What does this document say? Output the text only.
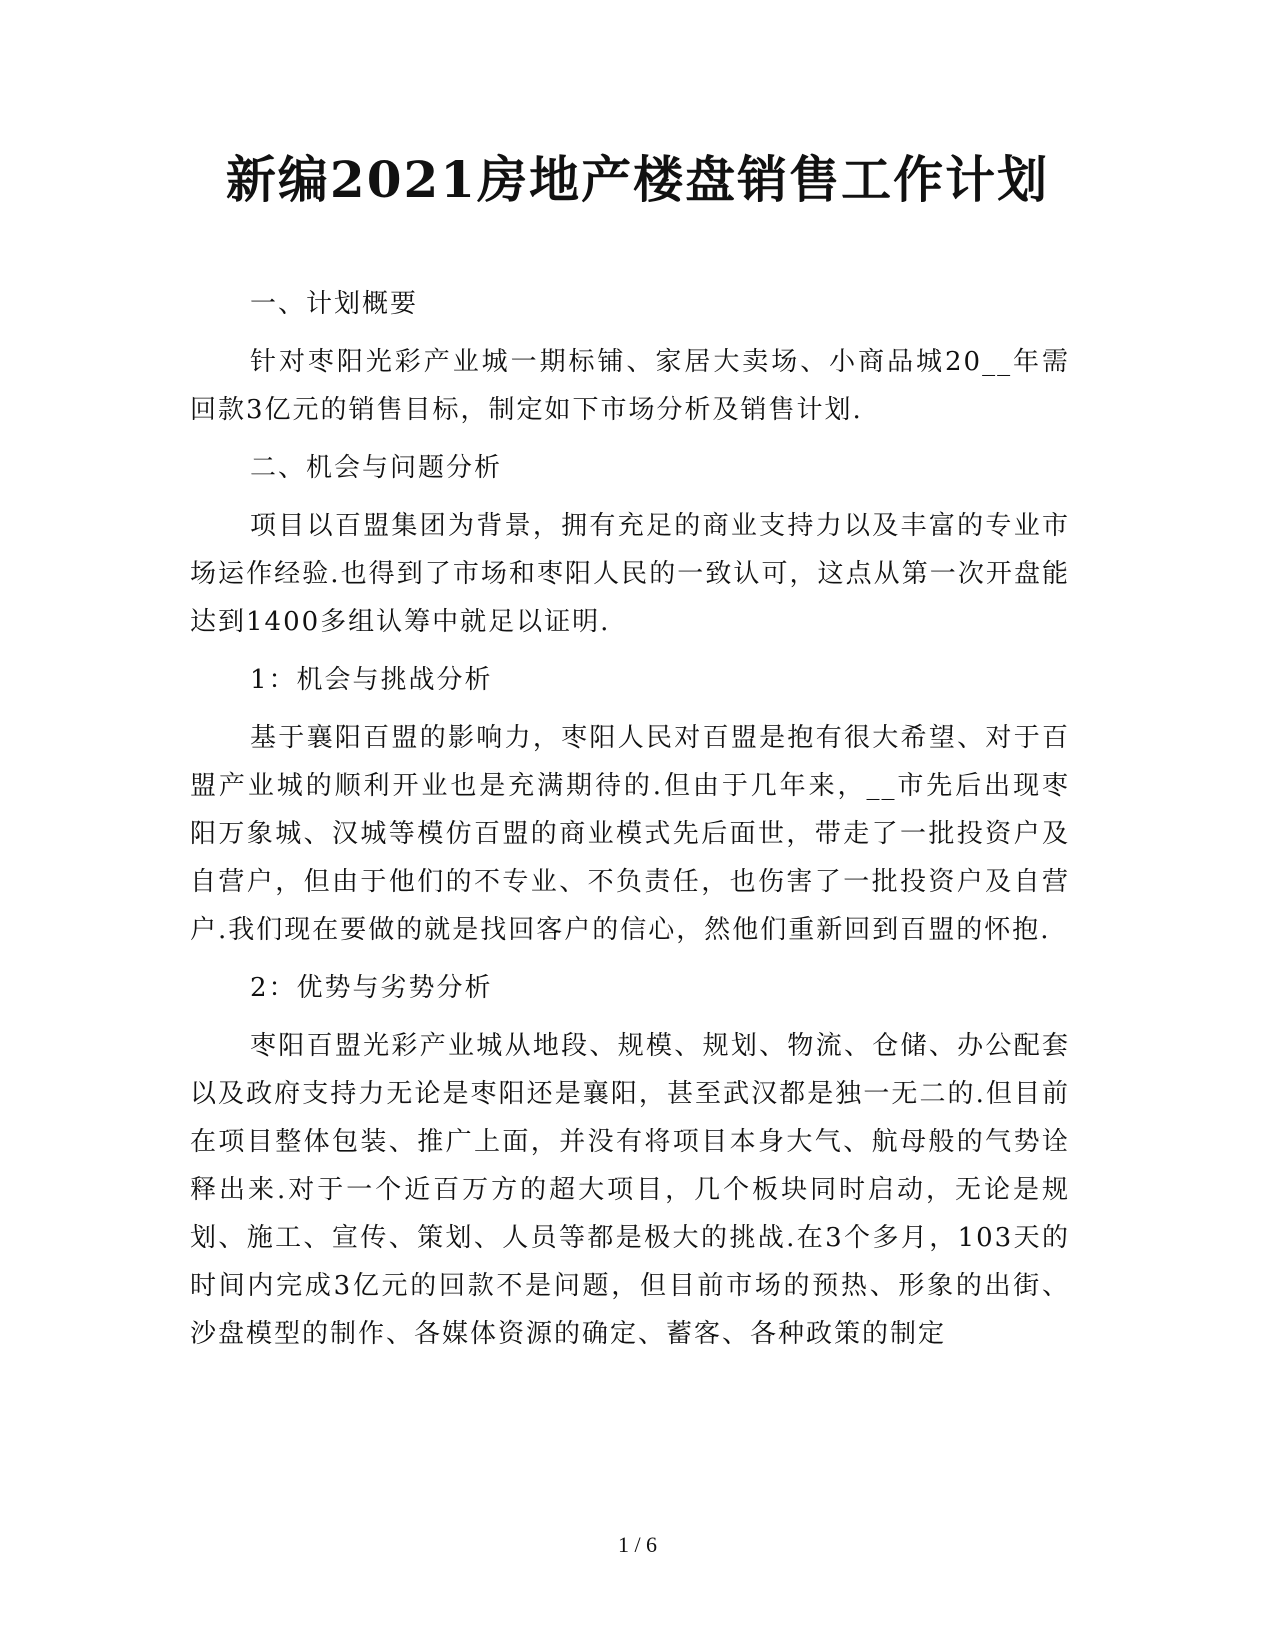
新编2021房地产楼盘销售工作计划

一、计划概要

针对枣阳光彩产业城一期标铺、家居大卖场、小商品城20__年需回款3亿元的销售目标，制定如下市场分析及销售计划.

二、机会与问题分析

项目以百盟集团为背景，拥有充足的商业支持力以及丰富的专业市场运作经验.也得到了市场和枣阳人民的一致认可，这点从第一次开盘能达到1400多组认筹中就足以证明.

1：机会与挑战分析

基于襄阳百盟的影响力，枣阳人民对百盟是抱有很大希望、对于百盟产业城的顺利开业也是充满期待的.但由于几年来，__市先后出现枣阳万象城、汉城等模仿百盟的商业模式先后面世，带走了一批投资户及自营户，但由于他们的不专业、不负责任，也伤害了一批投资户及自营户.我们现在要做的就是找回客户的信心，然他们重新回到百盟的怀抱.

2：优势与劣势分析

枣阳百盟光彩产业城从地段、规模、规划、物流、仓储、办公配套以及政府支持力无论是枣阳还是襄阳，甚至武汉都是独一无二的.但目前在项目整体包装、推广上面，并没有将项目本身大气、航母般的气势诠释出来.对于一个近百万方的超大项目，几个板块同时启动，无论是规划、施工、宣传、策划、人员等都是极大的挑战.在3个多月，103天的时间内完成3亿元的回款不是问题，但目前市场的预热、形象的出街、沙盘模型的制作、各媒体资源的确定、蓄客、各种政策的制定

1 / 6
